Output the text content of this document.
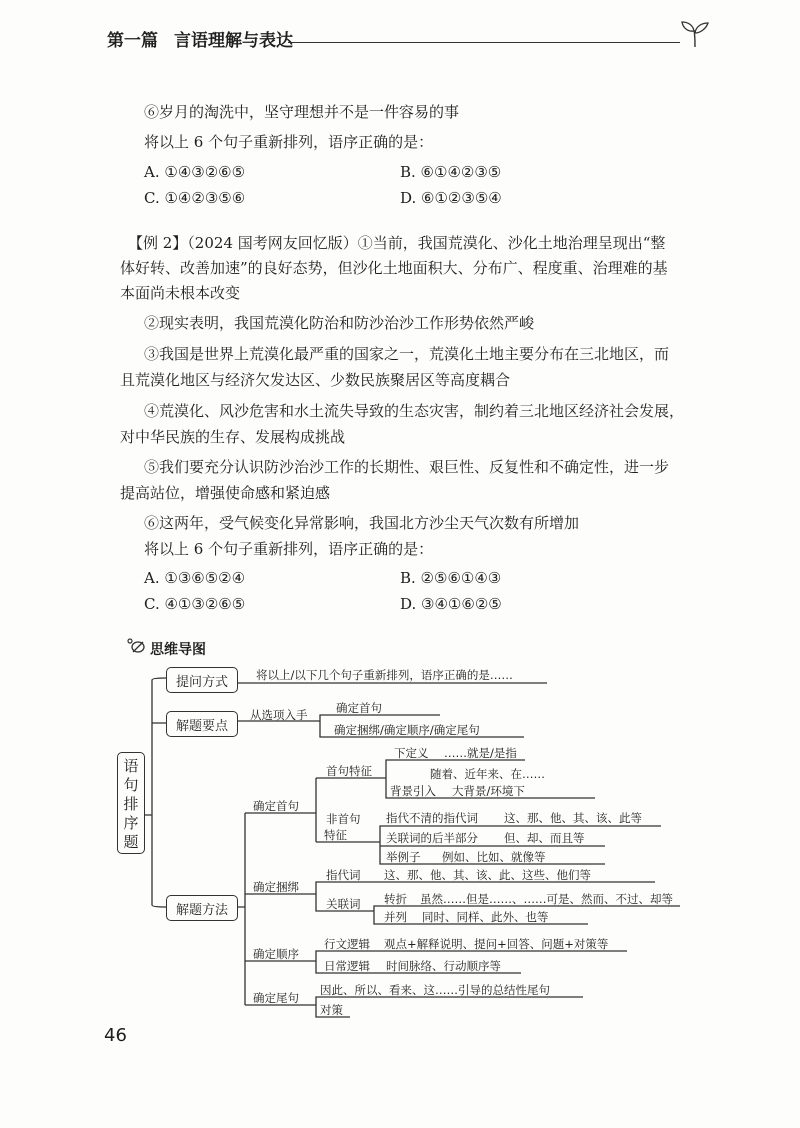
第一篇 言语理解与表达
⑥岁月的淘洗中，坚守理想并不是一件容易的事
将以上 6 个句子重新排列，语序正确的是：
A. ①④③②⑥⑤	B. ⑥①④②③⑤
C. ①④②③⑤⑥	D. ⑥①②③⑤④
【例 2】（2024 国考网友回忆版）①当前，我国荒漠化、沙化土地治理呈现出“整
体好转、改善加速”的良好态势，但沙化土地面积大、分布广、程度重、治理难的基
本面尚未根本改变
②现实表明，我国荒漠化防治和防沙治沙工作形势依然严峻
③我国是世界上荒漠化最严重的国家之一，荒漠化土地主要分布在三北地区，而
且荒漠化地区与经济欠发达区、少数民族聚居区等高度耦合
④荒漠化、风沙危害和水土流失导致的生态灾害，制约着三北地区经济社会发展，
对中华民族的生存、发展构成挑战
⑤我们要充分认识防沙治沙工作的长期性、艰巨性、反复性和不确定性，进一步
提高站位，增强使命感和紧迫感
⑥这两年，受气候变化异常影响，我国北方沙尘天气次数有所增加
将以上 6 个句子重新排列，语序正确的是：
A. ①③⑥⑤②④	B. ②⑤⑥①④③
C. ④①③②⑥⑤	D. ③④①⑥②⑤
思维导图
语句排序题
提问方式 将以上/以下几个句子重新排列，语序正确的是……
解题要点
从选项入手 确定首句
确定捆绑/确定顺序/确定尾句
解题方法
确定首句
首句特征
下定义 ……就是/是指
随着、近年来、在……
背景引入 大背景/环境下
非首句
特征
指代不清的指代词 这、那、他、其、该、此等
关联词的后半部分 但、却、而且等
举例子 例如、比如、就像等
确定捆绑
指代词 这、那、他、其、该、此、这些、他们等
关联词 转折 虽然……但是……、……可是、然而、不过、却等
并列 同时、同样、此外、也等
确定顺序
行文逻辑 观点+解释说明、提问+回答、问题+对策等
日常逻辑 时间脉络、行动顺序等
确定尾句
因此、所以、看来、这……引导的总结性尾句
对策
46
